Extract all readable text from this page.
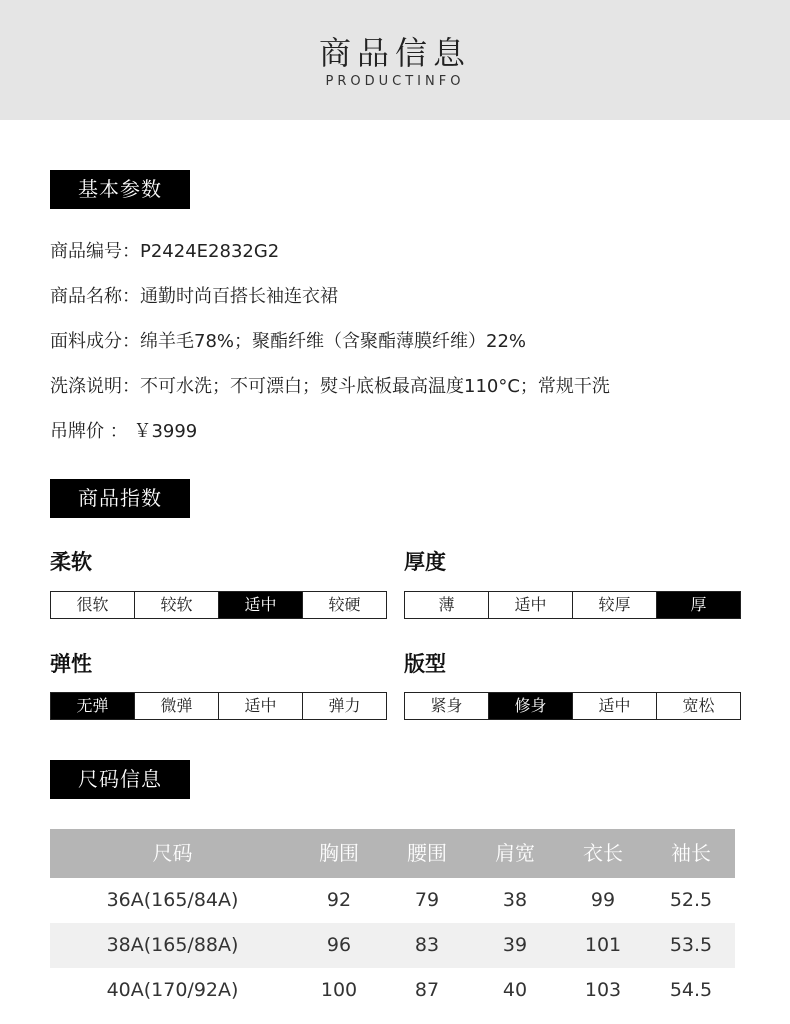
商品信息
PRODUCTINFO
基本参数
商品编号：P2424E2832G2
商品名称：通勤时尚百搭长袖连衣裙
面料成分：绵羊毛78%；聚酯纤维（含聚酯薄膜纤维）22%
洗涤说明：不可水洗；不可漂白；熨斗底板最高温度110°C；常规干洗
吊牌价 ： ￥3999
商品指数
柔软
很软	较软	适中	较硬
厚度
薄	适中	较厚	厚
弹性
无弹	微弹	适中	弹力
版型
紧身	修身	适中	宽松
尺码信息
尺码	胸围	腰围	肩宽	衣长	袖长
36A(165/84A)	92	79	38	99	52.5
38A(165/88A)	96	83	39	101	53.5
40A(170/92A)	100	87	40	103	54.5
